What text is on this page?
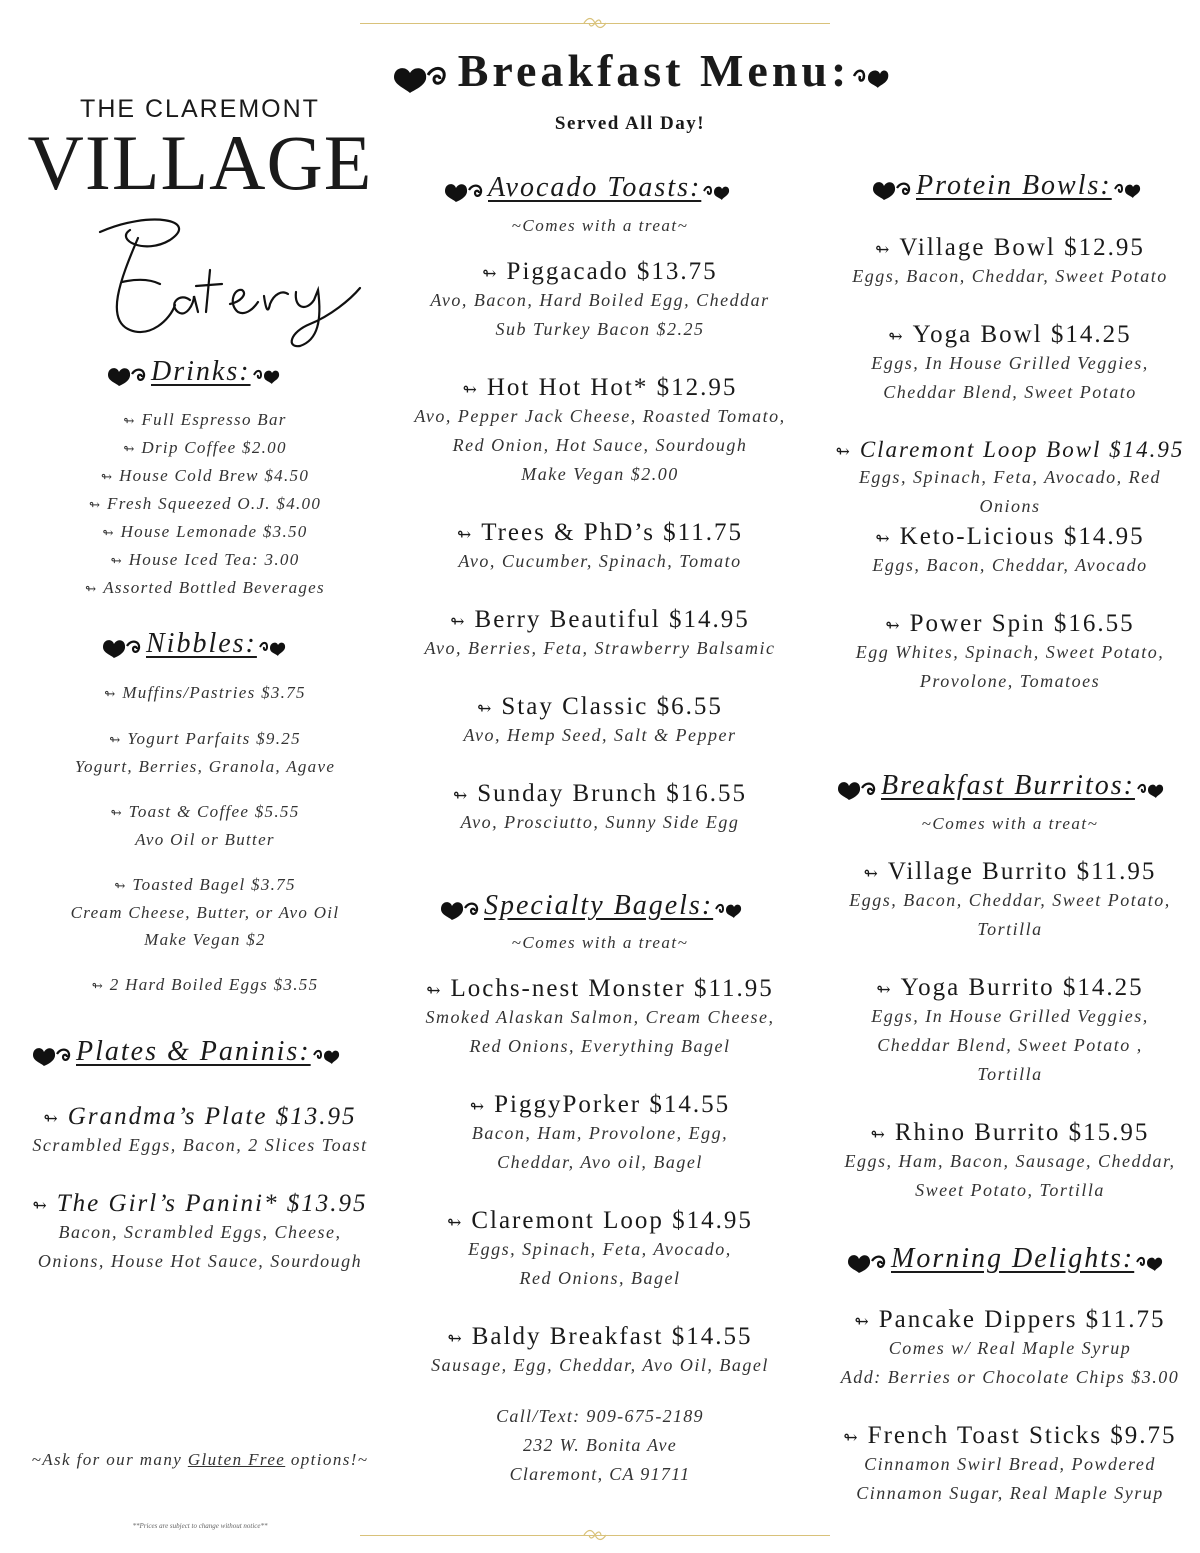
Breakfast Menu:
Served All Day!
THE CLAREMONT
VILLAGE
Drinks:
↬ Full Espresso Bar
↬ Drip Coffee $2.00
↬ House Cold Brew $4.50
↬ Fresh Squeezed O.J. $4.00
↬ House Lemonade $3.50
↬ House Iced Tea: 3.00
↬ Assorted Bottled Beverages
Nibbles:
↬ Muffins/Pastries $3.75
↬ Yogurt Parfaits $9.25
Yogurt, Berries, Granola, Agave
↬ Toast & Coffee $5.55
Avo Oil or Butter
↬ Toasted Bagel $3.75
Cream Cheese, Butter, or Avo Oil
Make Vegan $2
↬ 2 Hard Boiled Eggs $3.55
Plates & Paninis:
↬ Grandma’s Plate $13.95
Scrambled Eggs, Bacon, 2 Slices Toast
↬ The Girl’s Panini* $13.95
Bacon, Scrambled Eggs, Cheese,
Onions, House Hot Sauce, Sourdough
~Ask for our many Gluten Free options!~
**Prices are subject to change without notice**
Avocado Toasts:
~Comes with a treat~
↬ Piggacado $13.75
Avo, Bacon, Hard Boiled Egg, Cheddar
Sub Turkey Bacon $2.25
↬ Hot Hot Hot* $12.95
Avo, Pepper Jack Cheese, Roasted Tomato,
Red Onion, Hot Sauce, Sourdough
Make Vegan $2.00
↬ Trees & PhD’s $11.75
Avo, Cucumber, Spinach, Tomato
↬ Berry Beautiful $14.95
Avo, Berries, Feta, Strawberry Balsamic
↬ Stay Classic $6.55
Avo, Hemp Seed, Salt & Pepper
↬ Sunday Brunch $16.55
Avo, Prosciutto, Sunny Side Egg
Specialty Bagels:
~Comes with a treat~
↬ Lochs-nest Monster $11.95
Smoked Alaskan Salmon, Cream Cheese,
Red Onions, Everything Bagel
↬ PiggyPorker $14.55
Bacon, Ham, Provolone, Egg,
Cheddar, Avo oil, Bagel
↬ Claremont Loop $14.95
Eggs, Spinach, Feta, Avocado,
Red Onions, Bagel
↬ Baldy Breakfast $14.55
Sausage, Egg, Cheddar, Avo Oil, Bagel
Call/Text: 909-675-2189
232 W. Bonita Ave
Claremont, CA 91711
Protein Bowls:
↬ Village Bowl $12.95
Eggs, Bacon, Cheddar, Sweet Potato
↬ Yoga Bowl $14.25
Eggs, In House Grilled Veggies,
Cheddar Blend, Sweet Potato
↬ Claremont Loop Bowl $14.95
Eggs, Spinach, Feta, Avocado, Red
Onions
↬ Keto-Licious $14.95
Eggs, Bacon, Cheddar, Avocado
↬ Power Spin $16.55
Egg Whites, Spinach, Sweet Potato,
Provolone, Tomatoes
Breakfast Burritos:
~Comes with a treat~
↬ Village Burrito $11.95
Eggs, Bacon, Cheddar, Sweet Potato,
Tortilla
↬ Yoga Burrito $14.25
Eggs, In House Grilled Veggies,
Cheddar Blend, Sweet Potato ,
Tortilla
↬ Rhino Burrito $15.95
Eggs, Ham, Bacon, Sausage, Cheddar,
Sweet Potato, Tortilla
Morning Delights:
↬ Pancake Dippers $11.75
Comes w/ Real Maple Syrup
Add: Berries or Chocolate Chips $3.00
↬ French Toast Sticks $9.75
Cinnamon Swirl Bread, Powdered
Cinnamon Sugar, Real Maple Syrup
